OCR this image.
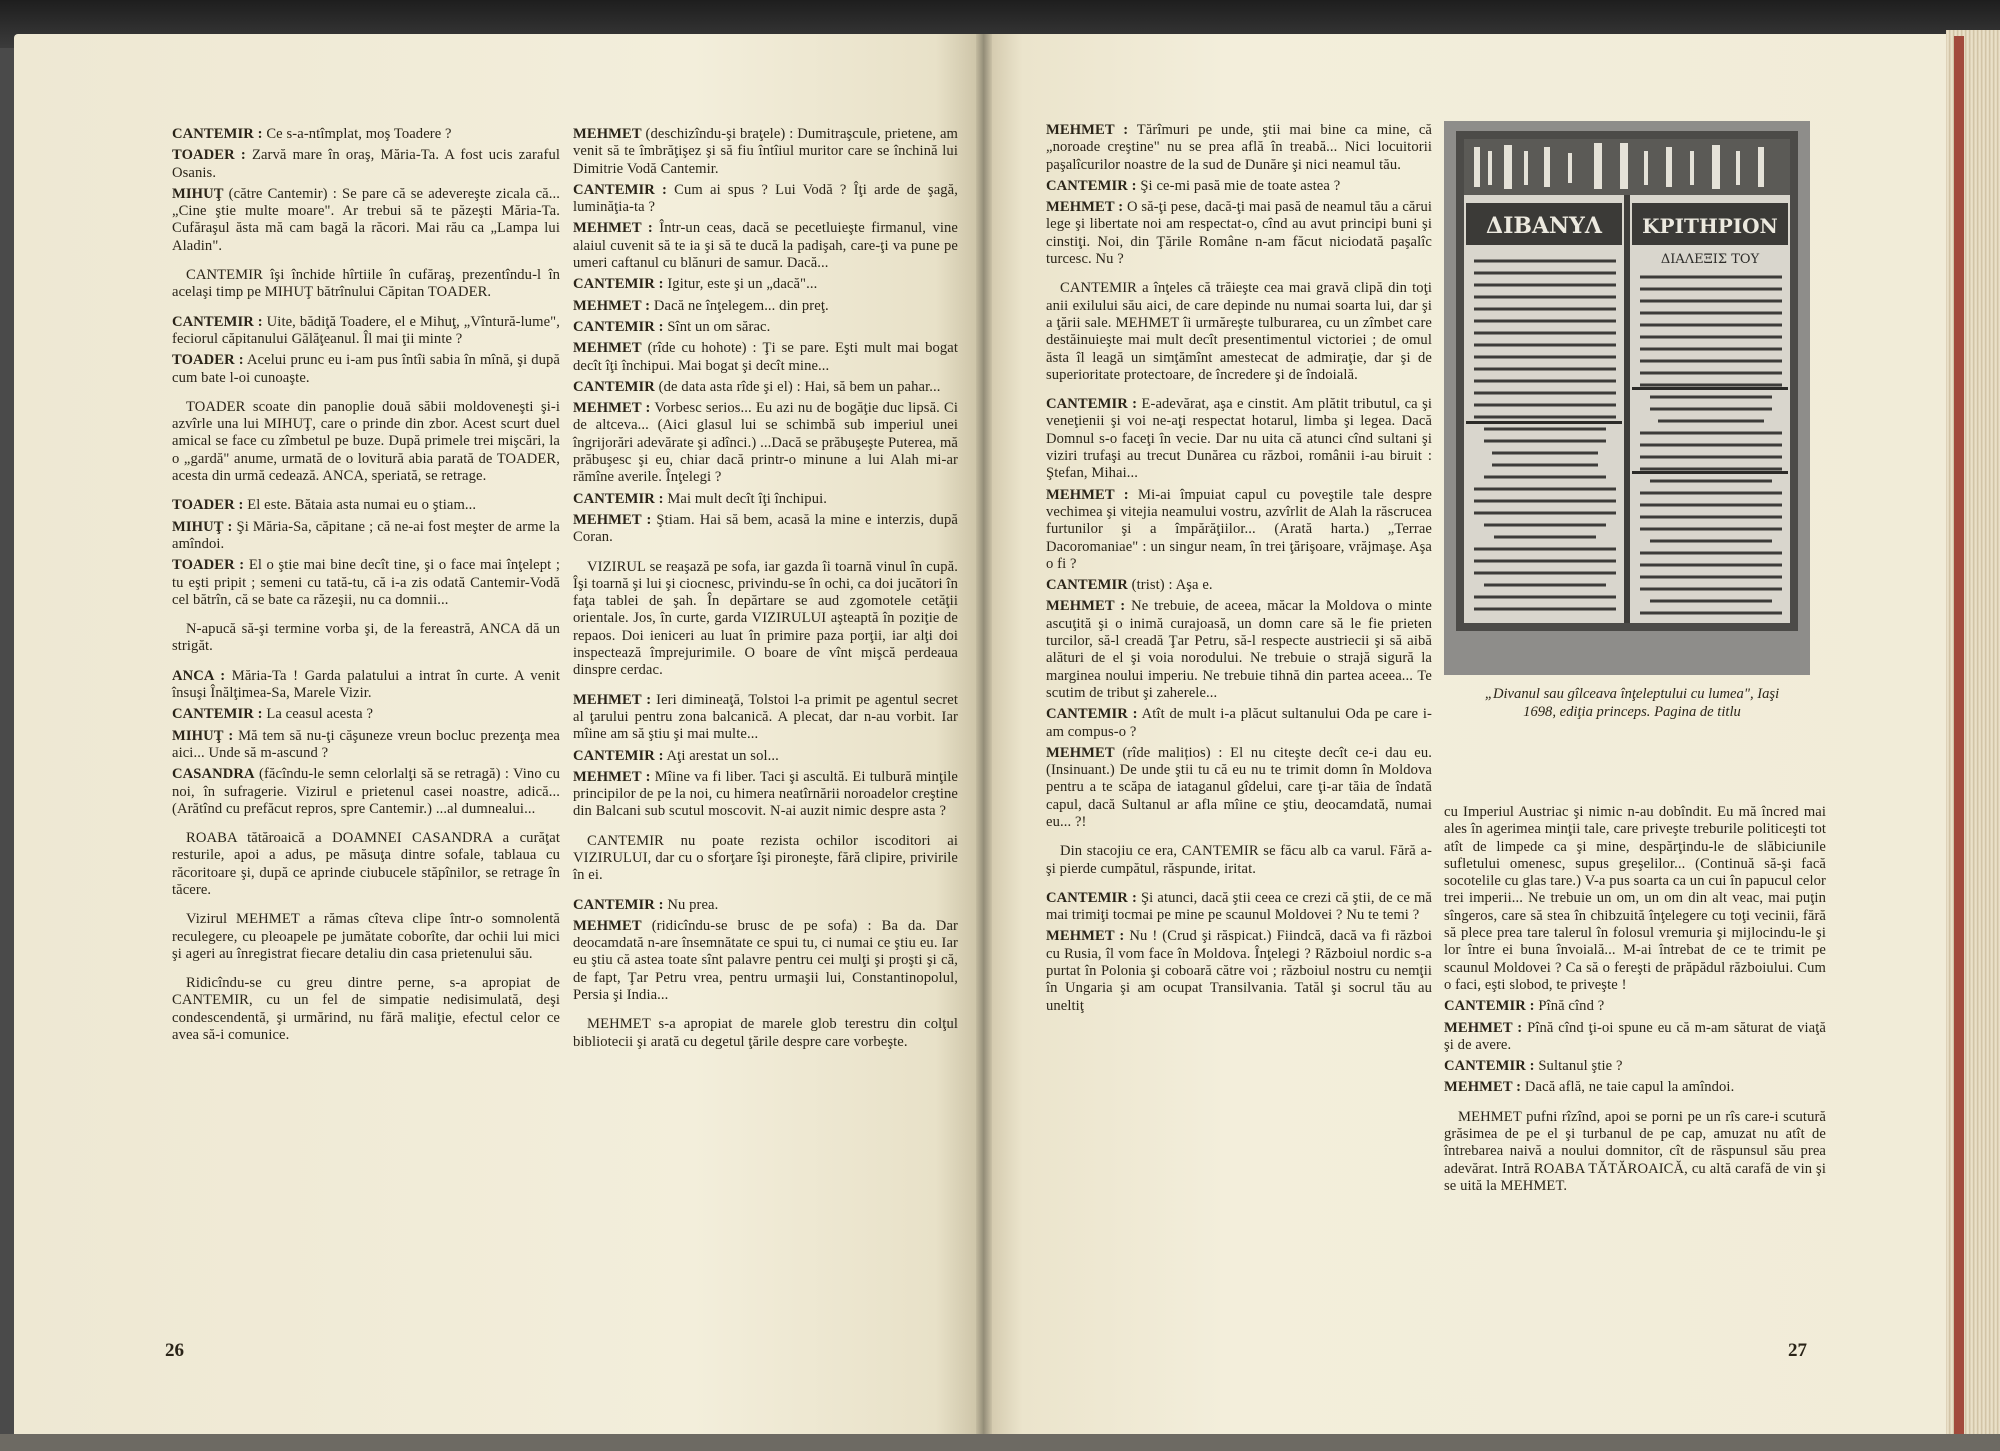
CANTEMIR : Ce s-a-ntîmplat, moş Toadere ?

TOADER : Zarvă mare în oraş, Măria-Ta. A fost ucis zaraful Osanis.

MIHUŢ (către Cantemir) : Se pare că se adevereşte zicala că... „Cine ştie multe moare". Ar trebui să te păzeşti Măria-Ta. Cufăraşul ăsta mă cam bagă la răcori. Mai rău ca „Lampa lui Aladin".

CANTEMIR îşi închide hîrtiile în cufăraş, prezentîndu-l în acelaşi timp pe MIHUŢ bătrînului Căpitan TOADER.

CANTEMIR : Uite, bădiţă Toadere, el e Mihuţ, „Vîntură-lume", feciorul căpitanului Gălăţeanul. Îl mai ţii minte ?

TOADER : Acelui prunc eu i-am pus întîi sabia în mînă, şi după cum bate l-oi cunoaşte.

TOADER scoate din panoplie două săbii moldoveneşti şi-i azvîrle una lui MIHUŢ, care o prinde din zbor. Acest scurt duel amical se face cu zîmbetul pe buze. După primele trei mişcări, la o „gardă" anume, urmată de o lovitură abia parată de TOADER, acesta din urmă cedează. ANCA, speriată, se retrage.

TOADER : El este. Bătaia asta numai eu o ştiam...

MIHUŢ : Şi Măria-Sa, căpitane ; că ne-ai fost meşter de arme la amîndoi.

TOADER : El o ştie mai bine decît tine, şi o face mai înţelept ; tu eşti pripit ; semeni cu tată-tu, că i-a zis odată Cantemir-Vodă cel bătrîn, că se bate ca răzeşii, nu ca domnii...

N-apucă să-şi termine vorba şi, de la fereastră, ANCA dă un strigăt.

ANCA : Măria-Ta ! Garda palatului a intrat în curte. A venit însuşi Înălţimea-Sa, Marele Vizir.

CANTEMIR : La ceasul acesta ?

MIHUŢ : Mă tem să nu-ţi căşuneze vreun bocluc prezenţa mea aici... Unde să m-ascund ?

CASANDRA (făcîndu-le semn celorlalţi să se retragă) : Vino cu noi, în sufragerie. Vizirul e prietenul casei noastre, adică... (Arătînd cu prefăcut repros, spre Cantemir.) ...al dumnealui...

ROABA tătăroaică a DOAMNEI CASANDRA a curăţat resturile, apoi a adus, pe măsuţa dintre sofale, tablaua cu răcoritoare şi, după ce aprinde ciubucele stăpînilor, se retrage în tăcere.

Vizirul MEHMET a rămas cîteva clipe într-o somnolentă reculegere, cu pleoapele pe jumătate coborîte, dar ochii lui mici şi ageri au înregistrat fiecare detaliu din casa prietenului său.

Ridicîndu-se cu greu dintre perne, s-a apropiat de CANTEMIR, cu un fel de simpatie nedisimulată, deşi condescendentă, şi urmărind, nu fără maliţie, efectul celor ce avea să-i comunice.

MEHMET (deschizîndu-şi braţele) : Dumitraşcule, prietene, am venit să te îmbrăţişez şi să fiu întîiul muritor care se închină lui Dimitrie Vodă Cantemir.

CANTEMIR : Cum ai spus ? Lui Vodă ? Îţi arde de şagă, luminăţia-ta ?

MEHMET : Într-un ceas, dacă se pecetluieşte firmanul, vine alaiul cuvenit să te ia şi să te ducă la padişah, care-ţi va pune pe umeri caftanul cu blănuri de samur. Dacă...

CANTEMIR : Igitur, este şi un „dacă"...

MEHMET : Dacă ne înţelegem... din preţ.

CANTEMIR : Sînt un om sărac.

MEHMET (rîde cu hohote) : Ţi se pare. Eşti mult mai bogat decît îţi închipui. Mai bogat şi decît mine...

CANTEMIR (de data asta rîde şi el) : Hai, să bem un pahar...

MEHMET : Vorbesc serios... Eu azi nu de bogăţie duc lipsă. Ci de altceva... (Aici glasul lui se schimbă sub imperiul unei îngrijorări adevărate şi adînci.) ...Dacă se prăbuşeşte Puterea, mă prăbuşesc şi eu, chiar dacă printr-o minune a lui Alah mi-ar rămîne averile. Înţelegi ?

CANTEMIR : Mai mult decît îţi închipui.

MEHMET : Ştiam. Hai să bem, acasă la mine e interzis, după Coran.

VIZIRUL se reaşază pe sofa, iar gazda îi toarnă vinul în cupă. Îşi toarnă şi lui şi ciocnesc, privindu-se în ochi, ca doi jucători în faţa tablei de şah. În depărtare se aud zgomotele cetăţii orientale. Jos, în curte, garda VIZIRULUI aşteaptă în poziţie de repaos. Doi ieniceri au luat în primire paza porţii, iar alţi doi inspectează împrejurimile. O boare de vînt mişcă perdeaua dinspre cerdac.

MEHMET : Ieri dimineaţă, Tolstoi l-a primit pe agentul secret al ţarului pentru zona balcanică. A plecat, dar n-au vorbit. Iar mîine am să ştiu şi mai multe...

CANTEMIR : Aţi arestat un sol...

MEHMET : Mîine va fi liber. Taci şi ascultă. Ei tulbură minţile principilor de pe la noi, cu himera neatîrnării noroadelor creştine din Balcani sub scutul moscovit. N-ai auzit nimic despre asta ?

CANTEMIR nu poate rezista ochilor iscoditori ai VIZIRULUI, dar cu o sforţare îşi pironeşte, fără clipire, privirile în ei.

CANTEMIR : Nu prea.

MEHMET (ridicîndu-se brusc de pe sofa) : Ba da. Dar deocamdată n-are însemnătate ce spui tu, ci numai ce ştiu eu. Iar eu ştiu că astea toate sînt palavre pentru cei mulţi şi proşti şi că, de fapt, Ţar Petru vrea, pentru urmaşii lui, Constantinopolul, Persia şi India...

MEHMET s-a apropiat de marele glob terestru din colţul bibliotecii şi arată cu degetul ţările despre care vorbeşte.

26

MEHMET : Tărîmuri pe unde, ştii mai bine ca mine, că „noroade creştine" nu se prea află în treabă... Nici locuitorii paşalîcurilor noastre de la sud de Dunăre şi nici neamul tău.

CANTEMIR : Şi ce-mi pasă mie de toate astea ?

MEHMET : O să-ţi pese, dacă-ţi mai pasă de neamul tău a cărui lege şi libertate noi am respectat-o, cînd au avut principi buni şi cinstiţi. Noi, din Ţările Române n-am făcut niciodată paşalîc turcesc. Nu ?

CANTEMIR a înţeles că trăieşte cea mai gravă clipă din toţi anii exilului său aici, de care depinde nu numai soarta lui, dar şi a ţării sale. MEHMET îi urmăreşte tulburarea, cu un zîmbet care destăinuieşte mai mult decît presentimentul victoriei ; de omul ăsta îl leagă un simţămînt amestecat de admiraţie, dar şi de superioritate protectoare, de încredere şi de îndoială.

CANTEMIR : E-adevărat, aşa e cinstit. Am plătit tributul, ca şi veneţienii şi voi ne-aţi respectat hotarul, limba şi legea. Dacă Domnul s-o faceţi în vecie. Dar nu uita că atunci cînd sultani şi viziri trufaşi au trecut Dunărea cu război, românii i-au biruit : Ştefan, Mihai...

MEHMET : Mi-ai împuiat capul cu poveştile tale despre vechimea şi vitejia neamului vostru, azvîrlit de Alah la răscrucea furtunilor şi a împărăţiilor... (Arată harta.) „Terrae Dacoromaniae" : un singur neam, în trei ţărişoare, vrăjmaşe. Aşa o fi ?

CANTEMIR (trist) : Aşa e.

MEHMET : Ne trebuie, de aceea, măcar la Moldova o minte ascuţită şi o inimă curajoasă, un domn care să le fie prieten turcilor, să-l creadă Ţar Petru, să-l respecte austriecii şi să aibă alături de el şi voia norodului. Ne trebuie o strajă sigură la marginea noului imperiu. Ne trebuie tihnă din partea aceea... Te scutim de tribut şi zaherele...

CANTEMIR : Atît de mult i-a plăcut sultanului Oda pe care i-am compus-o ?

MEHMET (rîde malițios) : El nu citeşte decît ce-i dau eu. (Insinuant.) De unde ştii tu că eu nu te trimit domn în Moldova pentru a te scăpa de iataganul gîdelui, care ţi-ar tăia de îndată capul, dacă Sultanul ar afla mîine ce ştiu, deocamdată, numai eu... ?!

Din stacojiu ce era, CANTEMIR se făcu alb ca varul. Fără a-şi pierde cumpătul, răspunde, iritat.

CANTEMIR : Şi atunci, dacă ştii ceea ce crezi că ştii, de ce mă mai trimiţi tocmai pe mine pe scaunul Moldovei ? Nu te temi ?

MEHMET : Nu ! (Crud şi răspicat.) Fiindcă, dacă va fi război cu Rusia, îl vom face în Moldova. Înţelegi ? Războiul nordic s-a purtat în Polonia şi coboară către voi ; războiul nostru cu nemţii în Ungaria şi am ocupat Transilvania. Tatăl şi socrul tău au uneltiţ

cu Imperiul Austriac şi nimic n-au dobîndit. Eu mă încred mai ales în agerimea minţii tale, care priveşte treburile politiceşti tot atît de limpede ca şi mine, despărţindu-le de slăbiciunile sufletului omenesc, supus greşelilor... (Continuă să-şi facă socotelile cu glas tare.) V-a pus soarta ca un cui în papucul celor trei imperii... Ne trebuie un om, un om din alt veac, mai puţin sîngeros, care să stea în chibzuită înţelegere cu toţi vecinii, fără să plece prea tare talerul în folosul vremuria şi mijlocindu-le şi lor între ei buna învoială... M-ai întrebat de ce te trimit pe scaunul Moldovei ? Ca să o fereşti de prăpădul războiului. Cum o faci, eşti slobod, te priveşte !

CANTEMIR : Pînă cînd ?

MEHMET : Pînă cînd ţi-oi spune eu că m-am săturat de viaţă şi de avere.

CANTEMIR : Sultanul ştie ?

MEHMET : Dacă află, ne taie capul la amîndoi.

MEHMET pufni rîzînd, apoi se porni pe un rîs care-i scutură grăsimea de pe el şi turbanul de pe cap, amuzat nu atît de întrebarea naivă a noului domnitor, cît de răspunsul său prea adevărat. Intră ROABA TĂTĂROAICĂ, cu altă carafă de vin şi se uită la MEHMET.

27
ΔΙΒΑΝΥΛ ΚΡΙΤΗΡΙΟΝ
ΔΙΑΛΕΞΙΣ ΤΟΥ
„Divanul sau gîlceava înţeleptului cu lumea", Iaşi 1698, ediţia princeps. Pagina de titlu
